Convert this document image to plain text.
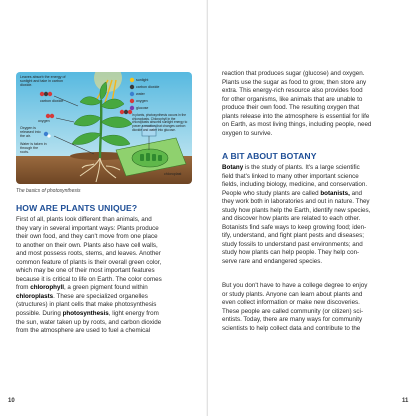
Leaves absorb the energy of sunlight and take in carbon dioxide.
carbon dioxide
oxygen
Oxygen is released into the air.
Water is taken in through the roots.
sunlight
carbon dioxide
water
oxygen
glucose
In plants, photosynthesis occurs in the chloroplasts. Chlorophyll in the chloroplasts absorbs sunlight energy to power a reaction that changes carbon dioxide and water into glucose.
chloroplast
The basics of photosynthesis
HOW ARE PLANTS UNIQUE?
First of all, plants look different than animals, and
they vary in several important ways: Plants produce
their own food, and they can't move from one place
to another on their own. Plants also have cell walls,
and most possess roots, stems, and leaves. Another
common feature of plants is their overall green color,
which may be one of their most important features
because it is critical to life on Earth. The color comes
from chlorophyll, a green pigment found within
chloroplasts. These are specialized organelles
(structures) in plant cells that make photosynthesis
possible. During photosynthesis, light energy from
the sun, water taken up by roots, and carbon dioxide
from the atmosphere are used to fuel a chemical
10
reaction that produces sugar (glucose) and oxygen.
Plants use the sugar as food to grow, then store any
extra. This energy-rich resource also provides food
for other organisms, like animals that are unable to
produce their own food. The resulting oxygen that
plants release into the atmosphere is essential for life
on Earth, as most living things, including people, need
oxygen to survive.
A BIT ABOUT BOTANY
Botany is the study of plants. It's a large scientific
field that's linked to many other important science
fields, including biology, medicine, and conservation.
People who study plants are called botanists, and
they work both in laboratories and out in nature. They
study how plants help the Earth, identify new species,
and discover how plants are related to each other.
Botanists find safe ways to keep growing food; iden-
tify, understand, and fight plant pests and diseases;
study fossils to understand past environments; and
study how plants can help people. They help con-
serve rare and endangered species.
But you don't have to have a college degree to enjoy
or study plants. Anyone can learn about plants and
even collect information or make new discoveries.
These people are called community (or citizen) sci-
entists. Today, there are many ways for community
scientists to help collect data and contribute to the
11
